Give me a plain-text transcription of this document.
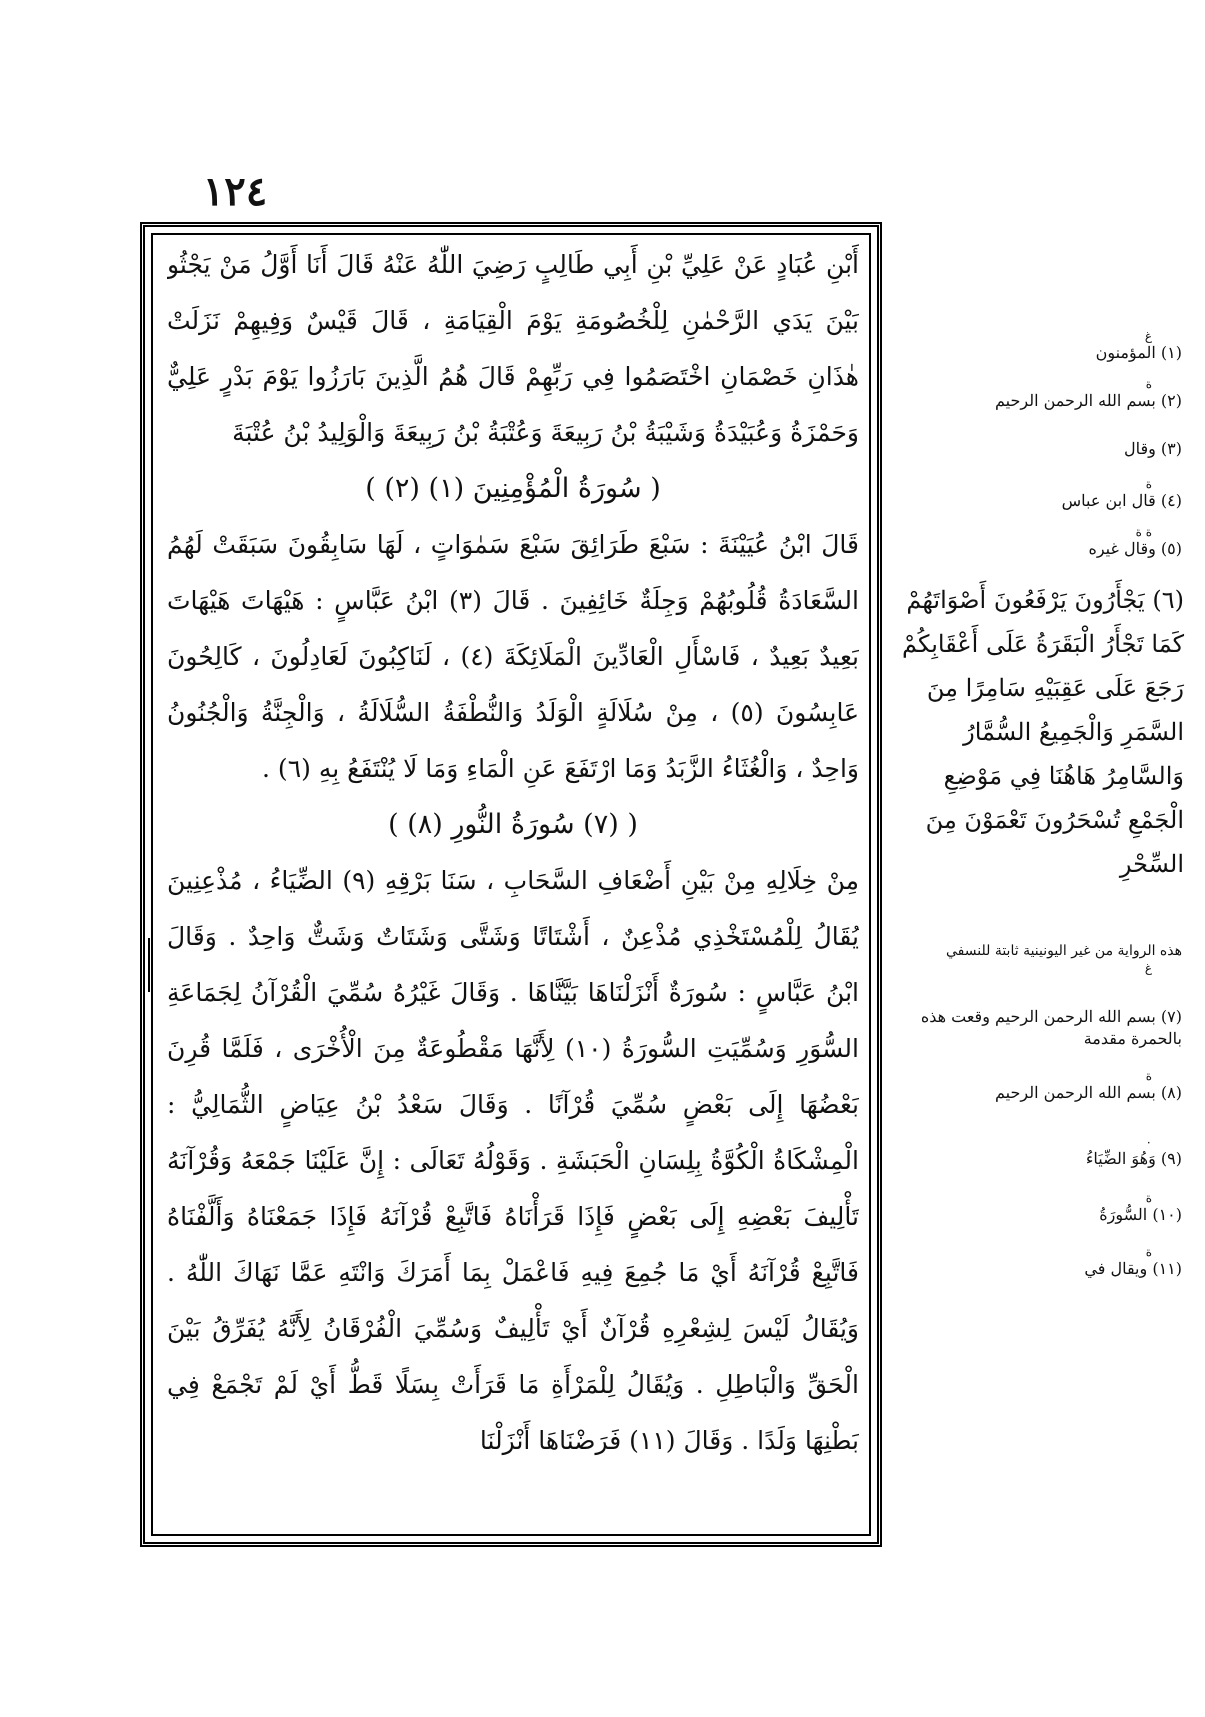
١٢٤

أَبْنِ عُبَادٍ عَنْ عَلِيِّ بْنِ أَبِي طَالِبٍ رَضِيَ اللّٰهُ عَنْهُ قَالَ أَنَا أَوَّلُ مَنْ يَجْثُو بَيْنَ يَدَي الرَّحْمٰنِ لِلْخُصُومَةِ يَوْمَ الْقِيَامَةِ ، قَالَ قَيْسٌ وَفِيهِمْ نَزَلَتْ هٰذَانِ خَصْمَانِ اخْتَصَمُوا فِي رَبِّهِمْ قَالَ هُمُ الَّذِينَ بَارَزُوا يَوْمَ بَدْرٍ عَلِيٌّ وَحَمْزَةُ وَعُبَيْدَةُ وَشَيْبَةُ بْنُ رَبِيعَةَ وَعُتْبَةُ بْنُ رَبِيعَةَ وَالْوَلِيدُ بْنُ عُتْبَةَ

( سُورَةُ الْمُؤْمِنِينَ (١) (٢) )

قَالَ ابْنُ عُيَيْنَةَ : سَبْعَ طَرَائِقَ سَبْعَ سَمٰوَاتٍ ، لَهَا سَابِقُونَ سَبَقَتْ لَهُمُ السَّعَادَةُ قُلُوبُهُمْ وَجِلَةٌ خَائِفِينَ . قَالَ (٣) ابْنُ عَبَّاسٍ : هَيْهَاتَ هَيْهَاتَ بَعِيدٌ بَعِيدٌ ، فَاسْأَلِ الْعَادِّينَ الْمَلَائِكَةَ (٤) ، لَنَاكِبُونَ لَعَادِلُونَ ، كَالِحُونَ عَابِسُونَ (٥) ، مِنْ سُلَالَةٍ الْوَلَدُ وَالنُّطْفَةُ السُّلَالَةُ ، وَالْجِنَّةُ وَالْجُنُونُ وَاحِدٌ ، وَالْغُثَاءُ الزَّبَدُ وَمَا ارْتَفَعَ عَنِ الْمَاءِ وَمَا لَا يُنْتَفَعُ بِهِ (٦) .

( (٧) سُورَةُ النُّورِ (٨) )

مِنْ خِلَالِهِ مِنْ بَيْنِ أَضْعَافِ السَّحَابِ ، سَنَا بَرْقِهِ (٩) الضِّيَاءُ ، مُذْعِنِينَ يُقَالُ لِلْمُسْتَخْذِي مُذْعِنٌ ، أَشْتَاتًا وَشَتَّى وَشَتَاتٌ وَشَتٌّ وَاحِدٌ . وَقَالَ ابْنُ عَبَّاسٍ : سُورَةٌ أَنْزَلْنَاهَا بَيَّنَّاهَا . وَقَالَ غَيْرُهُ سُمِّيَ الْقُرْآنُ لِجَمَاعَةِ السُّوَرِ وَسُمِّيَتِ السُّورَةُ (١٠) لِأَنَّهَا مَقْطُوعَةٌ مِنَ الْأُخْرَى ، فَلَمَّا قُرِنَ بَعْضُهَا إِلَى بَعْضٍ سُمِّيَ قُرْآنًا . وَقَالَ سَعْدُ بْنُ عِيَاضٍ الثُّمَالِيُّ : الْمِشْكَاةُ الْكُوَّةُ بِلِسَانِ الْحَبَشَةِ . وَقَوْلُهُ تَعَالَى : إِنَّ عَلَيْنَا جَمْعَهُ وَقُرْآنَهُ تَأْلِيفَ بَعْضِهِ إِلَى بَعْضٍ فَإِذَا قَرَأْنَاهُ فَاتَّبِعْ قُرْآنَهُ فَإِذَا جَمَعْنَاهُ وَأَلَّفْنَاهُ فَاتَّبِعْ قُرْآنَهُ أَيْ مَا جُمِعَ فِيهِ فَاعْمَلْ بِمَا أَمَرَكَ وَانْتَهِ عَمَّا نَهَاكَ اللّٰهُ . وَيُقَالُ لَيْسَ لِشِعْرِهِ قُرْآنٌ أَيْ تَأْلِيفٌ وَسُمِّيَ الْفُرْقَانُ لِأَنَّهُ يُفَرِّقُ بَيْنَ الْحَقِّ وَالْبَاطِلِ . وَيُقَالُ لِلْمَرْأَةِ مَا قَرَأَتْ بِسَلًا قَطُّ أَيْ لَمْ تَجْمَعْ فِي بَطْنِهَا وَلَدًا . وَقَالَ (١١) فَرَضْنَاهَا أَنْزَلْنَا

غ
(١) المؤمنون
ة
(٢) بسم الله الرحمن الرحيم
(٣) وقال
ة
(٤) قال ابن عباس
ة ة
(٥) وقال غيره
(٦) يَجْأَرُونَ يَرْفَعُونَ أَصْوَاتَهُمْ كَمَا تَجْأَرُ الْبَقَرَةُ عَلَى أَعْقَابِكُمْ رَجَعَ عَلَى عَقِبَيْهِ سَامِرًا مِنَ السَّمَرِ وَالْجَمِيعُ السُّمَّارُ وَالسَّامِرُ هَاهُنَا فِي مَوْضِعِ الْجَمْعِ تُسْحَرُونَ تَعْمَوْنَ مِنَ السِّحْرِ
هذه الرواية من غير اليونينية ثابتة للنسفي
غ
(٧) بسم الله الرحمن الرحيم وقعت هذه بالحمرة مقدمة
ة
(٨) بسم الله الرحمن الرحيم
٠
(٩) وَهُوَ الضِّيَاءُ
ة
(١٠) السُّورَةُ
ة
(١١) ويقال في
